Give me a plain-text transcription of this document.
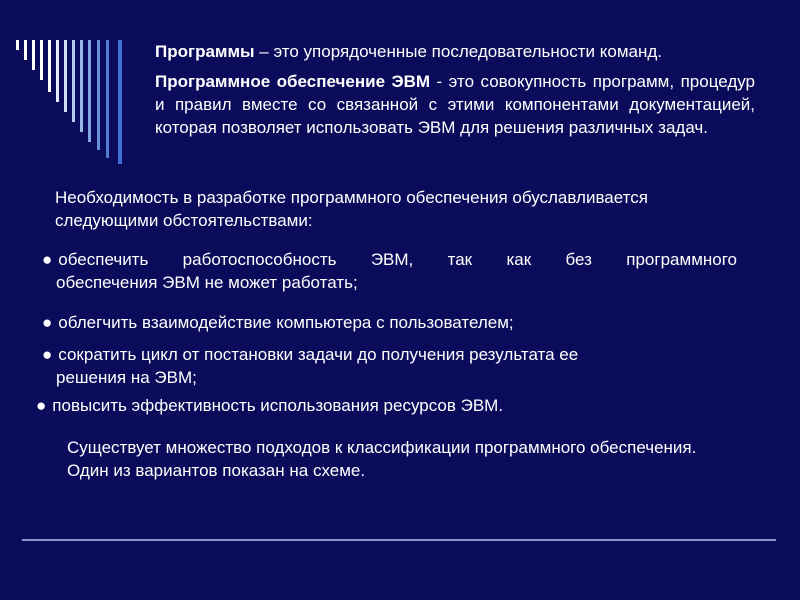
Программы – это упорядоченные последовательности команд.

Программное обеспечение ЭВМ - это совокупность программ, процедур и правил вместе со связанной с этими компонентами документацией, которая позволяет использовать ЭВМ для решения различных задач.

Необходимость в разработке программного обеспечения обуславливается следующими обстоятельствами:
● обеспечить работоспособность ЭВМ, так как без программного
обеспечения ЭВМ не может работать;
● облегчить взаимодействие компьютера с пользователем;
● сократить цикл от постановки задачи до получения результата ее
решения на ЭВМ;
● повысить эффективность использования ресурсов ЭВМ.
Существует множество подходов к классификации программного обеспечения. Один из вариантов показан на схеме.
